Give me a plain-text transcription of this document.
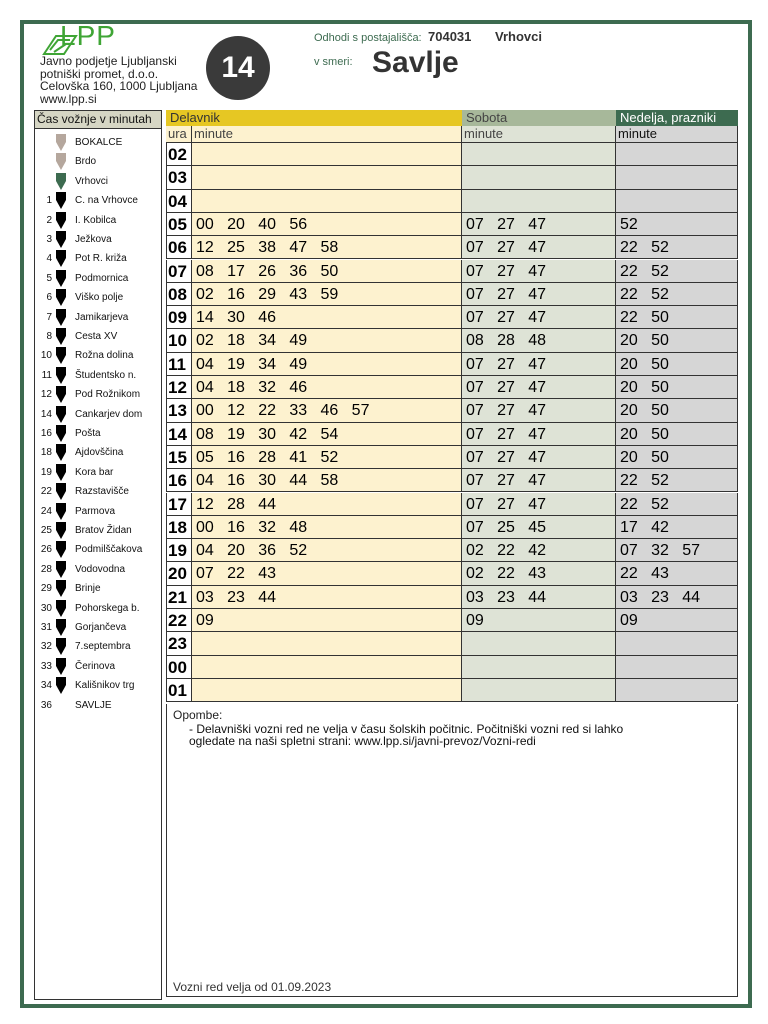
LPP
Javno podjetje Ljubljanski
potniški promet, d.o.o.
Celovška 160, 1000 Ljubljana
www.lpp.si
14
Odhodi s postajališča: 704031 Vrhovci
v smeri: Savlje
Čas vožnje v minutah
BOKALCE
Brdo
Vrhovci
1 C. na Vrhovce
2 I. Kobilca
3 Ježkova
4 Pot R. križa
5 Podmornica
6 Viško polje
7 Jamikarjeva
8 Cesta XV
10 Rožna dolina
11 Študentsko n.
12 Pod Rožnikom
14 Cankarjev dom
16 Pošta
18 Ajdovščina
19 Kora bar
22 Razstavišče
24 Parmova
25 Bratov Židan
26 Podmilščakova
28 Vodovodna
29 Brinje
30 Pohorskega b.
31 Gorjančeva
32 7.septembra
33 Čerinova
34 Kališnikov trg
36 SAVLJE
Delavnik	Sobota	Nedelja, prazniki
ura minute	minute	minute
02
03
04
05 00   20   40   56	07   27   47	52
06 12   25   38   47   58	07   27   47	22   52
07 08   17   26   36   50	07   27   47	22   52
08 02   16   29   43   59	07   27   47	22   52
09 14   30   46	07   27   47	22   50
10 02   18   34   49	08   28   48	20   50
11 04   19   34   49	07   27   47	20   50
12 04   18   32   46	07   27   47	20   50
13 00   12   22   33   46   57	07   27   47	20   50
14 08   19   30   42   54	07   27   47	20   50
15 05   16   28   41   52	07   27   47	20   50
16 04   16   30   44   58	07   27   47	22   52
17 12   28   44	07   27   47	22   52
18 00   16   32   48	07   25   45	17   42
19 04   20   36   52	02   22   42	07   32   57
20 07   22   43	02   22   43	22   43
21 03   23   44	03   23   44	03   23   44
22 09	09	09
23
00
01
Opombe:
- Delavniški vozni red ne velja v času šolskih počitnic. Počitniški vozni red si lahko
ogledate na naši spletni strani: www.lpp.si/javni-prevoz/Vozni-redi
Vozni red velja od 01.09.2023
